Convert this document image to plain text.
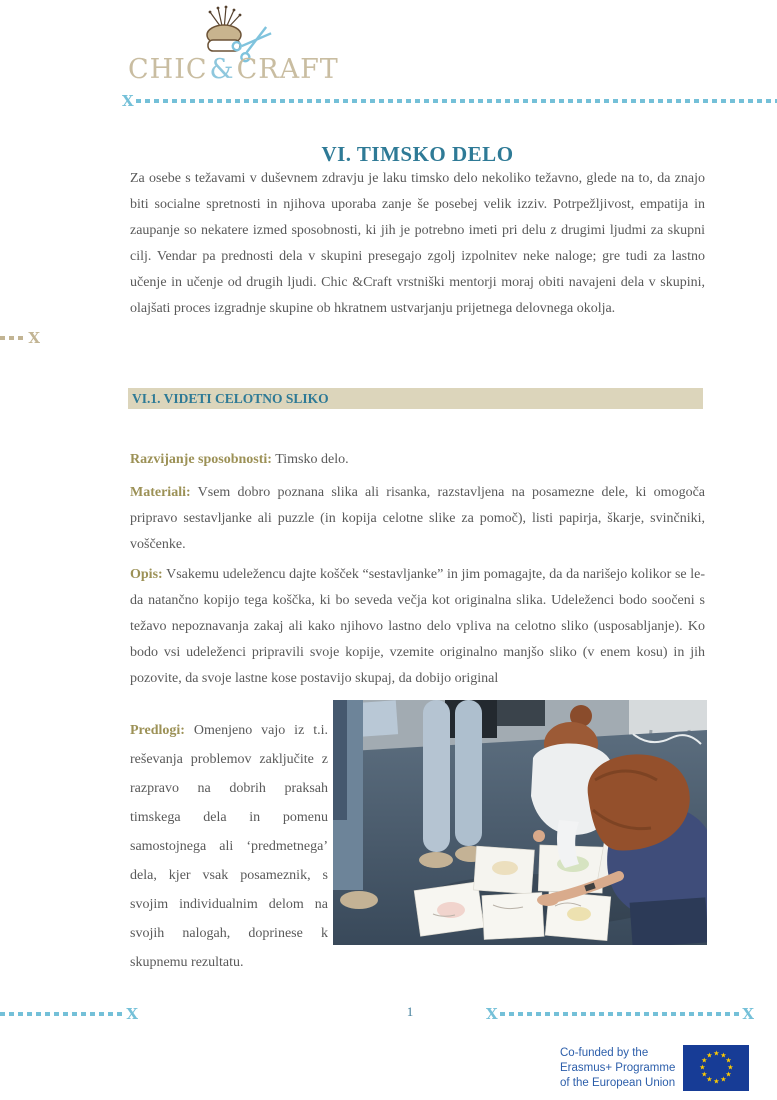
CHIC&CRAFT
X
X
VI. TIMSKO DELO

Za osebe s težavami v duševnem zdravju je laku timsko delo nekoliko težavno, glede na to, da znajo biti socialne spretnosti in njihova uporaba zanje še posebej velik izziv. Potrpežljivost, empatija in zaupanje so nekatere izmed sposobnosti, ki jih je potrebno imeti pri delu z drugimi ljudmi za skupni cilj. Vendar pa prednosti dela v skupini presegajo zgolj izpolnitev neke naloge; gre tudi za lastno učenje in učenje od drugih ljudi. Chic &Craft vrstniški mentorji moraj obiti navajeni dela v skupini, olajšati proces izgradnje skupine ob hkratnem ustvarjanju prijetnega delovnega okolja.

VI.1. VIDETI CELOTNO SLIKO

Razvijanje sposobnosti: Timsko delo.

Materiali: Vsem dobro poznana slika ali risanka, razstavljena na posamezne dele, ki omogoča pripravo sestavljanke ali puzzle (in kopija celotne slike za pomoč), listi papirja, škarje, svinčniki, voščenke.

Opis: Vsakemu udeležencu dajte košček “sestavljanke” in jim pomagajte, da da narišejo kolikor se le-da natančno kopijo tega koščka, ki bo seveda večja kot originalna slika. Udeleženci bodo soočeni s težavo nepoznavanja zakaj ali kako njihovo lastno delo vpliva na celotno sliko (usposabljanje). Ko bodo vsi udeleženci pripravili svoje kopije, vzemite originalno manjšo sliko (v enem kosu) in jih pozovite, da svoje lastne kose postavijo skupaj, da dobijo original

Predlogi: Omenjeno vajo iz t.i. reševanja problemov zaključite z razpravo na dobrih praksah timskega dela in pomenu samostojnega ali ‘predmetnega’ dela, kjer vsak posameznik, s svojim individualnim delom na svojih nalogah, doprinese k skupnemu rezultatu.

X	1	X	X
Co-funded by the
Erasmus+ Programme
of the European Union
★ ★
★
★
★
★
★
★
★
★
★
★
